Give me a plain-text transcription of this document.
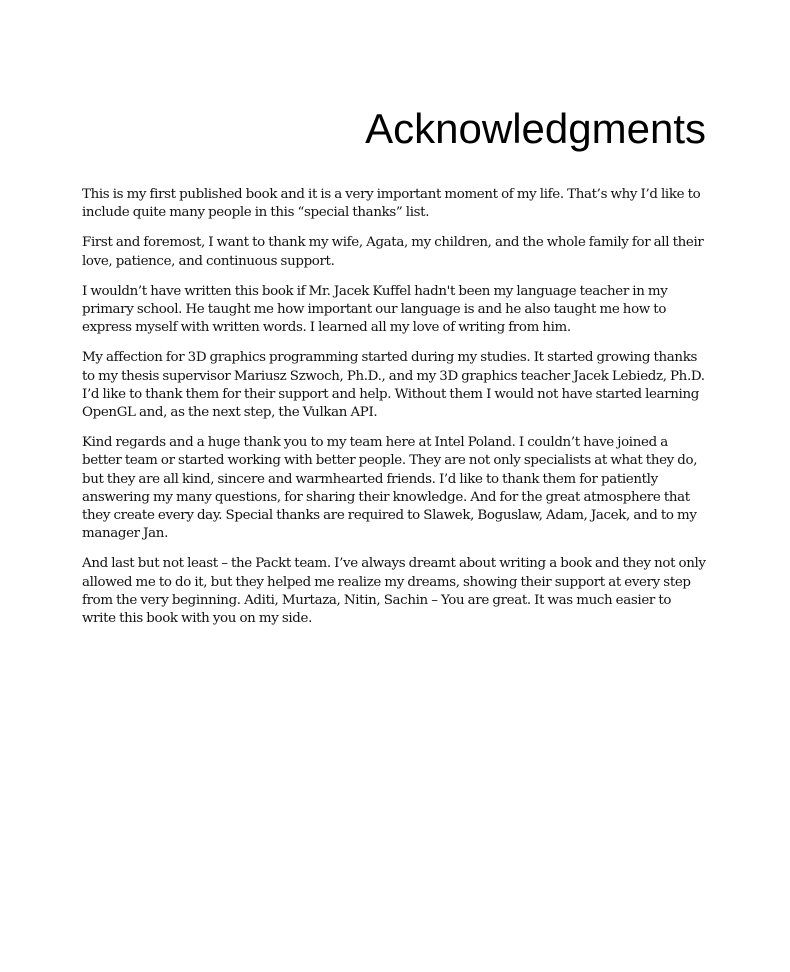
Acknowledgments

This is my first published book and it is a very important moment of my life. That’s why I’d like to include quite many people in this “special thanks” list.

First and foremost, I want to thank my wife, Agata, my children, and the whole family for all their love, patience, and continuous support.

I wouldn’t have written this book if Mr. Jacek Kuffel hadn't been my language teacher in my primary school. He taught me how important our language is and he also taught me how to express myself with written words. I learned all my love of writing from him.

My affection for 3D graphics programming started during my studies. It started growing thanks to my thesis supervisor Mariusz Szwoch, Ph.D., and my 3D graphics teacher Jacek Lebiedz, Ph.D. I’d like to thank them for their support and help. Without them I would not have started learning OpenGL and, as the next step, the Vulkan API.

Kind regards and a huge thank you to my team here at Intel Poland. I couldn’t have joined a better team or started working with better people. They are not only specialists at what they do, but they are all kind, sincere and warmhearted friends. I’d like to thank them for patiently answering my many questions, for sharing their knowledge. And for the great atmosphere that they create every day. Special thanks are required to Slawek, Boguslaw, Adam, Jacek, and to my manager Jan.

And last but not least – the Packt team. I’ve always dreamt about writing a book and they not only allowed me to do it, but they helped me realize my dreams, showing their support at every step from the very beginning. Aditi, Murtaza, Nitin, Sachin – You are great. It was much easier to write this book with you on my side.
